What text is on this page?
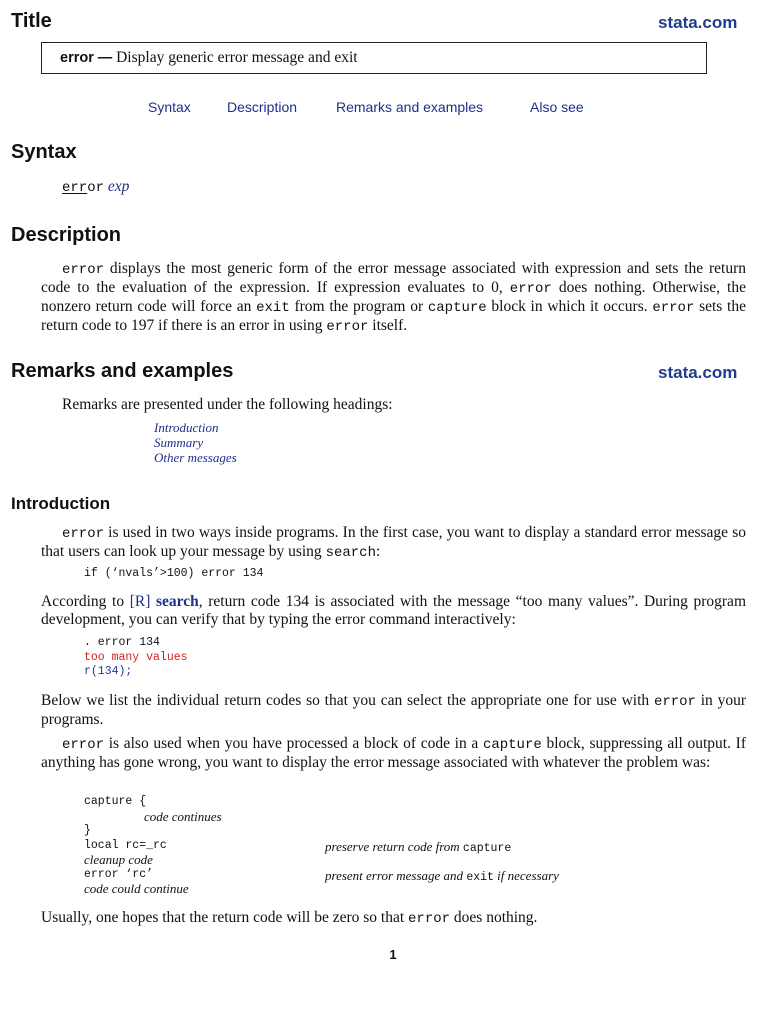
Title	stata.com
error — Display generic error message and exit
Syntax	Description	Remarks and examples	Also see
Syntax
error exp
Description
error displays the most generic form of the error message associated with expression and sets the return code to the evaluation of the expression. If expression evaluates to 0, error does nothing. Otherwise, the nonzero return code will force an exit from the program or capture block in which it occurs. error sets the return code to 197 if there is an error in using error itself.
Remarks and examples	stata.com
Remarks are presented under the following headings:
Introduction
Summary
Other messages
Introduction
error is used in two ways inside programs. In the first case, you want to display a standard error message so that users can look up your message by using search:
if (‘nvals’>100) error 134
According to [R] search, return code 134 is associated with the message “too many values”. During program development, you can verify that by typing the error command interactively:
. error 134
too many values
r(134);
Below we list the individual return codes so that you can select the appropriate one for use with error in your programs.
error is also used when you have processed a block of code in a capture block, suppressing all output. If anything has gone wrong, you want to display the error message associated with whatever the problem was:
capture {
code continues
}
local rc=_rc
cleanup code
error ‘rc’
code could continue
preserve return code from capture
present error message and exit if necessary
Usually, one hopes that the return code will be zero so that error does nothing.
1
